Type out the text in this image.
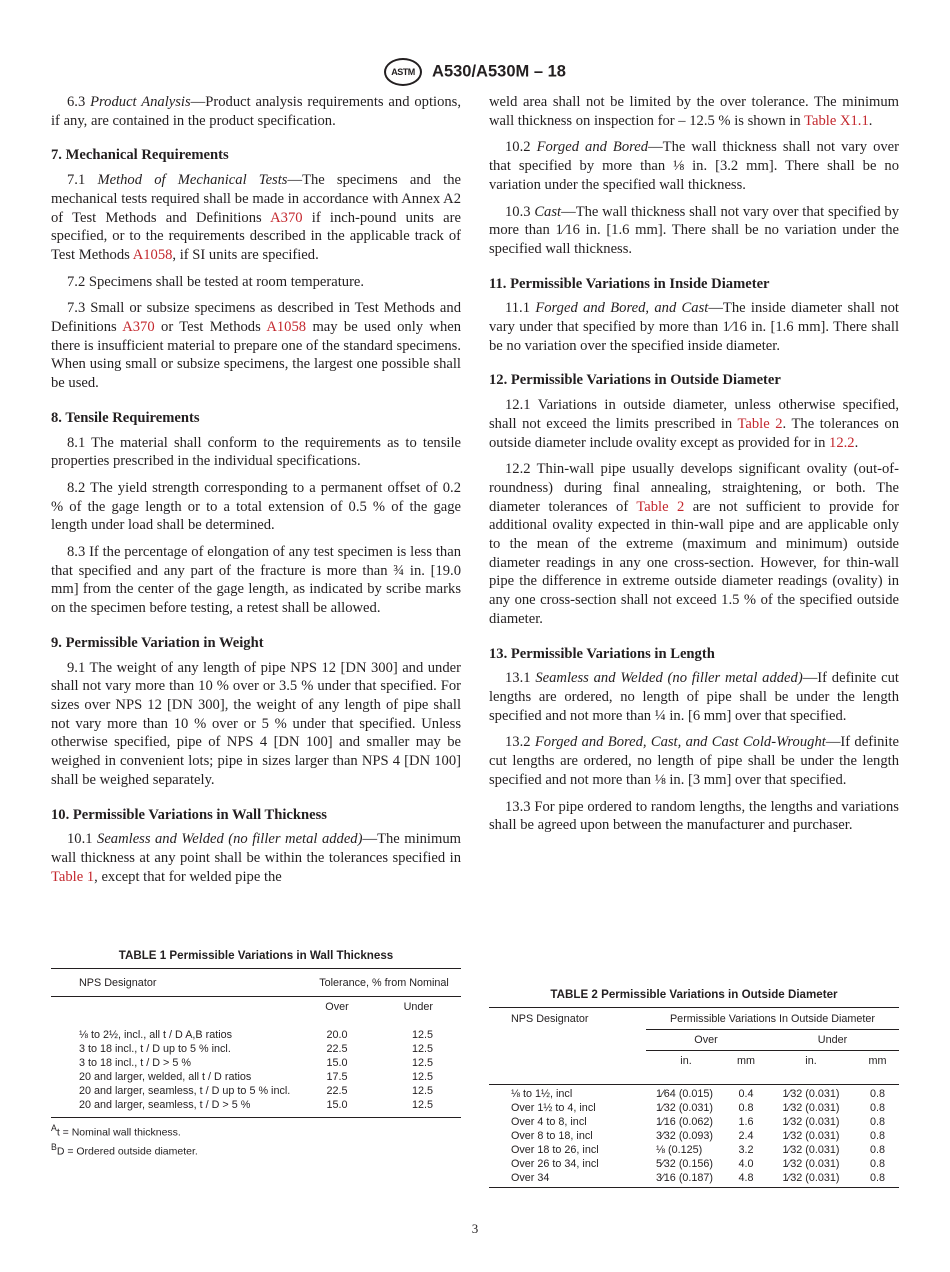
ASTM A530/A530M – 18

6.3 Product Analysis—Product analysis requirements and options, if any, are contained in the product specification.

7. Mechanical Requirements

7.1 Method of Mechanical Tests—The specimens and the mechanical tests required shall be made in accordance with Annex A2 of Test Methods and Definitions A370 if inch-pound units are specified, or to the requirements described in the applicable track of Test Methods A1058, if SI units are specified.

7.2 Specimens shall be tested at room temperature.

7.3 Small or subsize specimens as described in Test Methods and Definitions A370 or Test Methods A1058 may be used only when there is insufficient material to prepare one of the standard specimens. When using small or subsize specimens, the largest one possible shall be used.

8. Tensile Requirements

8.1 The material shall conform to the requirements as to tensile properties prescribed in the individual specifications.

8.2 The yield strength corresponding to a permanent offset of 0.2 % of the gage length or to a total extension of 0.5 % of the gage length under load shall be determined.

8.3 If the percentage of elongation of any test specimen is less than that specified and any part of the fracture is more than ¾ in. [19.0 mm] from the center of the gage length, as indicated by scribe marks on the specimen before testing, a retest shall be allowed.

9. Permissible Variation in Weight

9.1 The weight of any length of pipe NPS 12 [DN 300] and under shall not vary more than 10 % over or 3.5 % under that specified. For sizes over NPS 12 [DN 300], the weight of any length of pipe shall not vary more than 10 % over or 5 % under that specified. Unless otherwise specified, pipe of NPS 4 [DN 100] and smaller may be weighed in convenient lots; pipe in sizes larger than NPS 4 [DN 100] shall be weighed separately.

10. Permissible Variations in Wall Thickness

10.1 Seamless and Welded (no filler metal added)—The minimum wall thickness at any point shall be within the tolerances specified in Table 1, except that for welded pipe the

weld area shall not be limited by the over tolerance. The minimum wall thickness on inspection for – 12.5 % is shown in Table X1.1.

10.2 Forged and Bored—The wall thickness shall not vary over that specified by more than ⅛ in. [3.2 mm]. There shall be no variation under the specified wall thickness.

10.3 Cast—The wall thickness shall not vary over that specified by more than 1⁄16 in. [1.6 mm]. There shall be no variation under the specified wall thickness.

11. Permissible Variations in Inside Diameter

11.1 Forged and Bored, and Cast—The inside diameter shall not vary under that specified by more than 1⁄16 in. [1.6 mm]. There shall be no variation over the specified inside diameter.

12. Permissible Variations in Outside Diameter

12.1 Variations in outside diameter, unless otherwise specified, shall not exceed the limits prescribed in Table 2. The tolerances on outside diameter include ovality except as provided for in 12.2.

12.2 Thin-wall pipe usually develops significant ovality (out-of-roundness) during final annealing, straightening, or both. The diameter tolerances of Table 2 are not sufficient to provide for additional ovality expected in thin-wall pipe and are applicable only to the mean of the extreme (maximum and minimum) outside diameter readings in any one cross-section. However, for thin-wall pipe the difference in extreme outside diameter readings (ovality) in any one cross-section shall not exceed 1.5 % of the specified outside diameter.

13. Permissible Variations in Length

13.1 Seamless and Welded (no filler metal added)—If definite cut lengths are ordered, no length of pipe shall be under the length specified and not more than ¼ in. [6 mm] over that specified.

13.2 Forged and Bored, Cast, and Cast Cold-Wrought—If definite cut lengths are ordered, no length of pipe shall be under the length specified and not more than ⅛ in. [3 mm] over that specified.

13.3 For pipe ordered to random lengths, the lengths and variations shall be agreed upon between the manufacturer and purchaser.

TABLE 1 Permissible Variations in Wall Thickness
NPS Designator	Tolerance, % from Nominal	
	Over	Under
⅛ to 2½, incl., all t / D A,B ratios	20.0	12.5
3 to 18 incl., t / D up to 5 % incl.	22.5	12.5
3 to 18 incl., t / D > 5 %	15.0	12.5
20 and larger, welded, all t / D ratios	17.5	12.5
20 and larger, seamless, t / D up to 5 % incl.	22.5	12.5
20 and larger, seamless, t / D > 5 %	15.0	12.5
$^A$t = Nominal wall thickness.
$^B$D = Ordered outside diameter.
TABLE 2 Permissible Variations in Outside Diameter
NPS Designator	Permissible Variations In Outside Diameter			
	Over		Under	
	in.	mm	in.	mm
⅛ to 1½, incl	1⁄64 (0.015)	0.4	1⁄32 (0.031)	0.8
Over 1½ to 4, incl	1⁄32 (0.031)	0.8	1⁄32 (0.031)	0.8
Over 4 to 8, incl	1⁄16 (0.062)	1.6	1⁄32 (0.031)	0.8
Over 8 to 18, incl	3⁄32 (0.093)	2.4	1⁄32 (0.031)	0.8
Over 18 to 26, incl	⅛ (0.125)	3.2	1⁄32 (0.031)	0.8
Over 26 to 34, incl	5⁄32 (0.156)	4.0	1⁄32 (0.031)	0.8
Over 34	3⁄16 (0.187)	4.8	1⁄32 (0.031)	0.8
3
